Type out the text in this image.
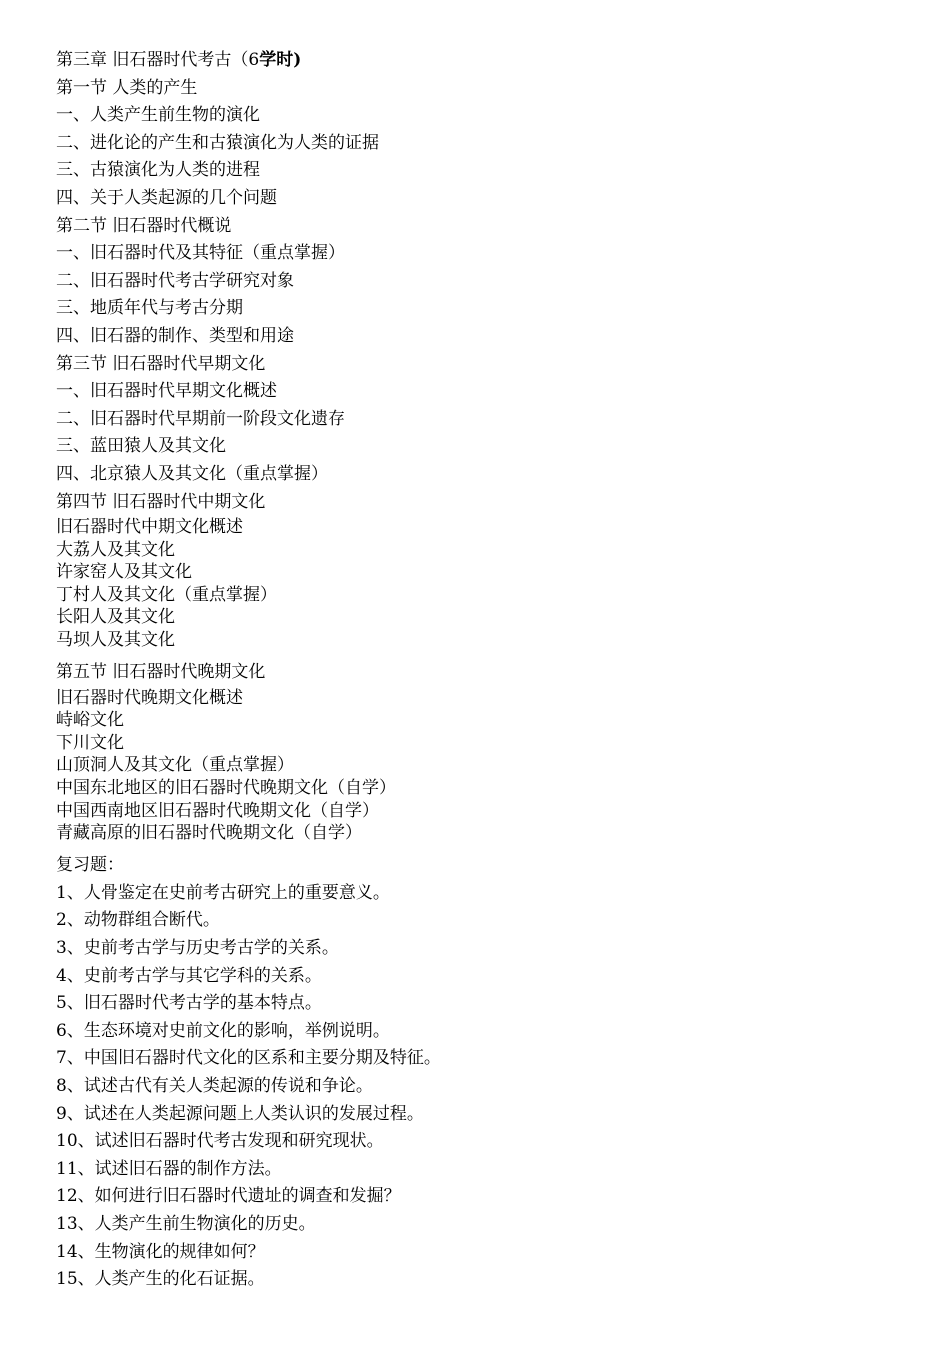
第三章 旧石器时代考古（6学时)
第一节 人类的产生
一、人类产生前生物的演化
二、进化论的产生和古猿演化为人类的证据
三、古猿演化为人类的进程
四、关于人类起源的几个问题
第二节 旧石器时代概说
一、旧石器时代及其特征（重点掌握）
二、旧石器时代考古学研究对象
三、地质年代与考古分期
四、旧石器的制作、类型和用途
第三节 旧石器时代早期文化
一、旧石器时代早期文化概述
二、旧石器时代早期前一阶段文化遗存
三、蓝田猿人及其文化
四、北京猿人及其文化（重点掌握）
第四节 旧石器时代中期文化
旧石器时代中期文化概述
大荔人及其文化
许家窑人及其文化
丁村人及其文化（重点掌握）
长阳人及其文化
马坝人及其文化
第五节 旧石器时代晚期文化
旧石器时代晚期文化概述
峙峪文化
下川文化
山顶洞人及其文化（重点掌握）
中国东北地区的旧石器时代晚期文化（自学）
中国西南地区旧石器时代晚期文化（自学）
青藏高原的旧石器时代晚期文化（自学）
复习题：
1、人骨鉴定在史前考古研究上的重要意义。
2、动物群组合断代。
3、史前考古学与历史考古学的关系。
4、史前考古学与其它学科的关系。
5、旧石器时代考古学的基本特点。
6、生态环境对史前文化的影响，举例说明。
7、中国旧石器时代文化的区系和主要分期及特征。
8、试述古代有关人类起源的传说和争论。
9、试述在人类起源问题上人类认识的发展过程。
10、试述旧石器时代考古发现和研究现状。
11、试述旧石器的制作方法。
12、如何进行旧石器时代遗址的调查和发掘？
13、人类产生前生物演化的历史。
14、生物演化的规律如何？
15、人类产生的化石证据。
